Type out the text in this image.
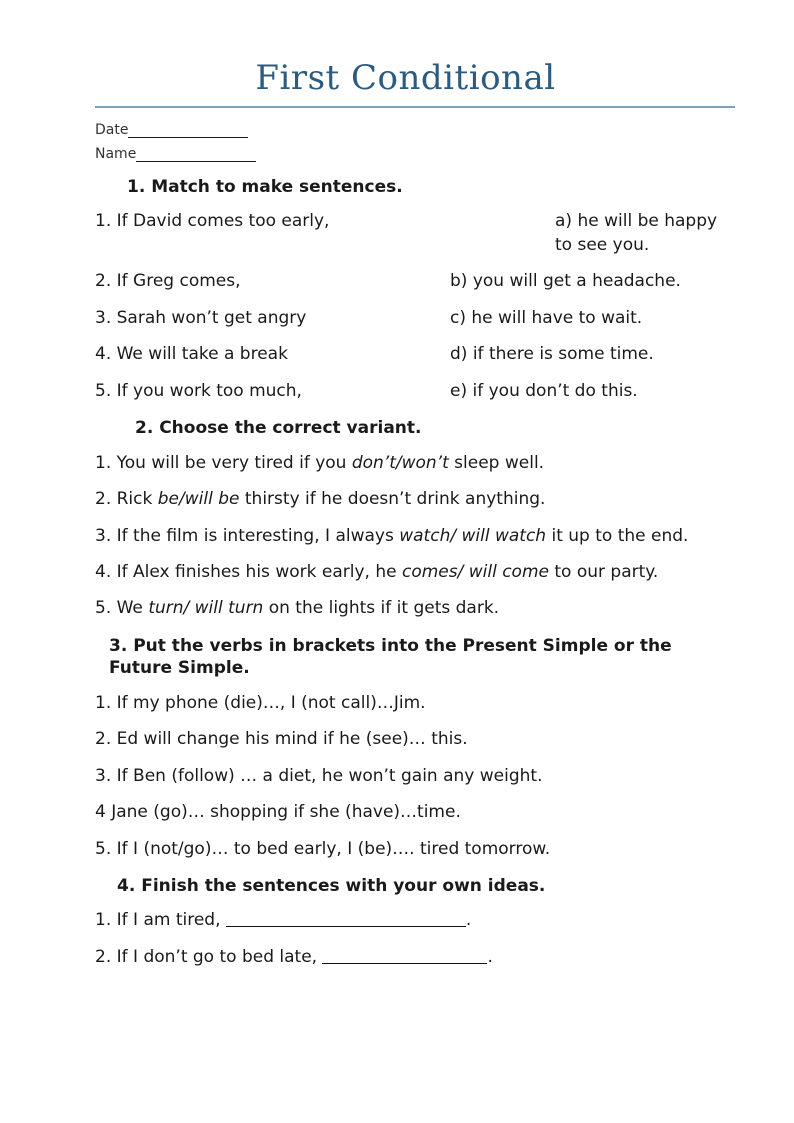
First Conditional
Date
Name
1. Match to make sentences.
1. If David comes too early,	a) he will be happy to see you.
2. If Greg comes,	b) you will get a headache.
3. Sarah won’t get angry	c) he will have to wait.
4. We will take a break	d) if there is some time.
5. If you work too much,	e) if you don’t do this.
2. Choose the correct variant.
1. You will be very tired if you don’t/won’t sleep well.
2. Rick be/will be thirsty if he doesn’t drink anything.
3. If the film is interesting, I always watch/ will watch it up to the end.
4. If Alex finishes his work early, he comes/ will come to our party.
5. We turn/ will turn on the lights if it gets dark.
3. Put the verbs in brackets into the Present Simple or the Future Simple.
1. If my phone (die)…, I (not call)…Jim.
2. Ed will change his mind if he (see)… this.
3. If Ben (follow) … a diet, he won’t gain any weight.
4 Jane (go)… shopping if she (have)…time.
5. If I (not/go)… to bed early, I (be)…. tired tomorrow.
4. Finish the sentences with your own ideas.
1. If I am tired,	.
2. If I don’t go to bed late,	.
